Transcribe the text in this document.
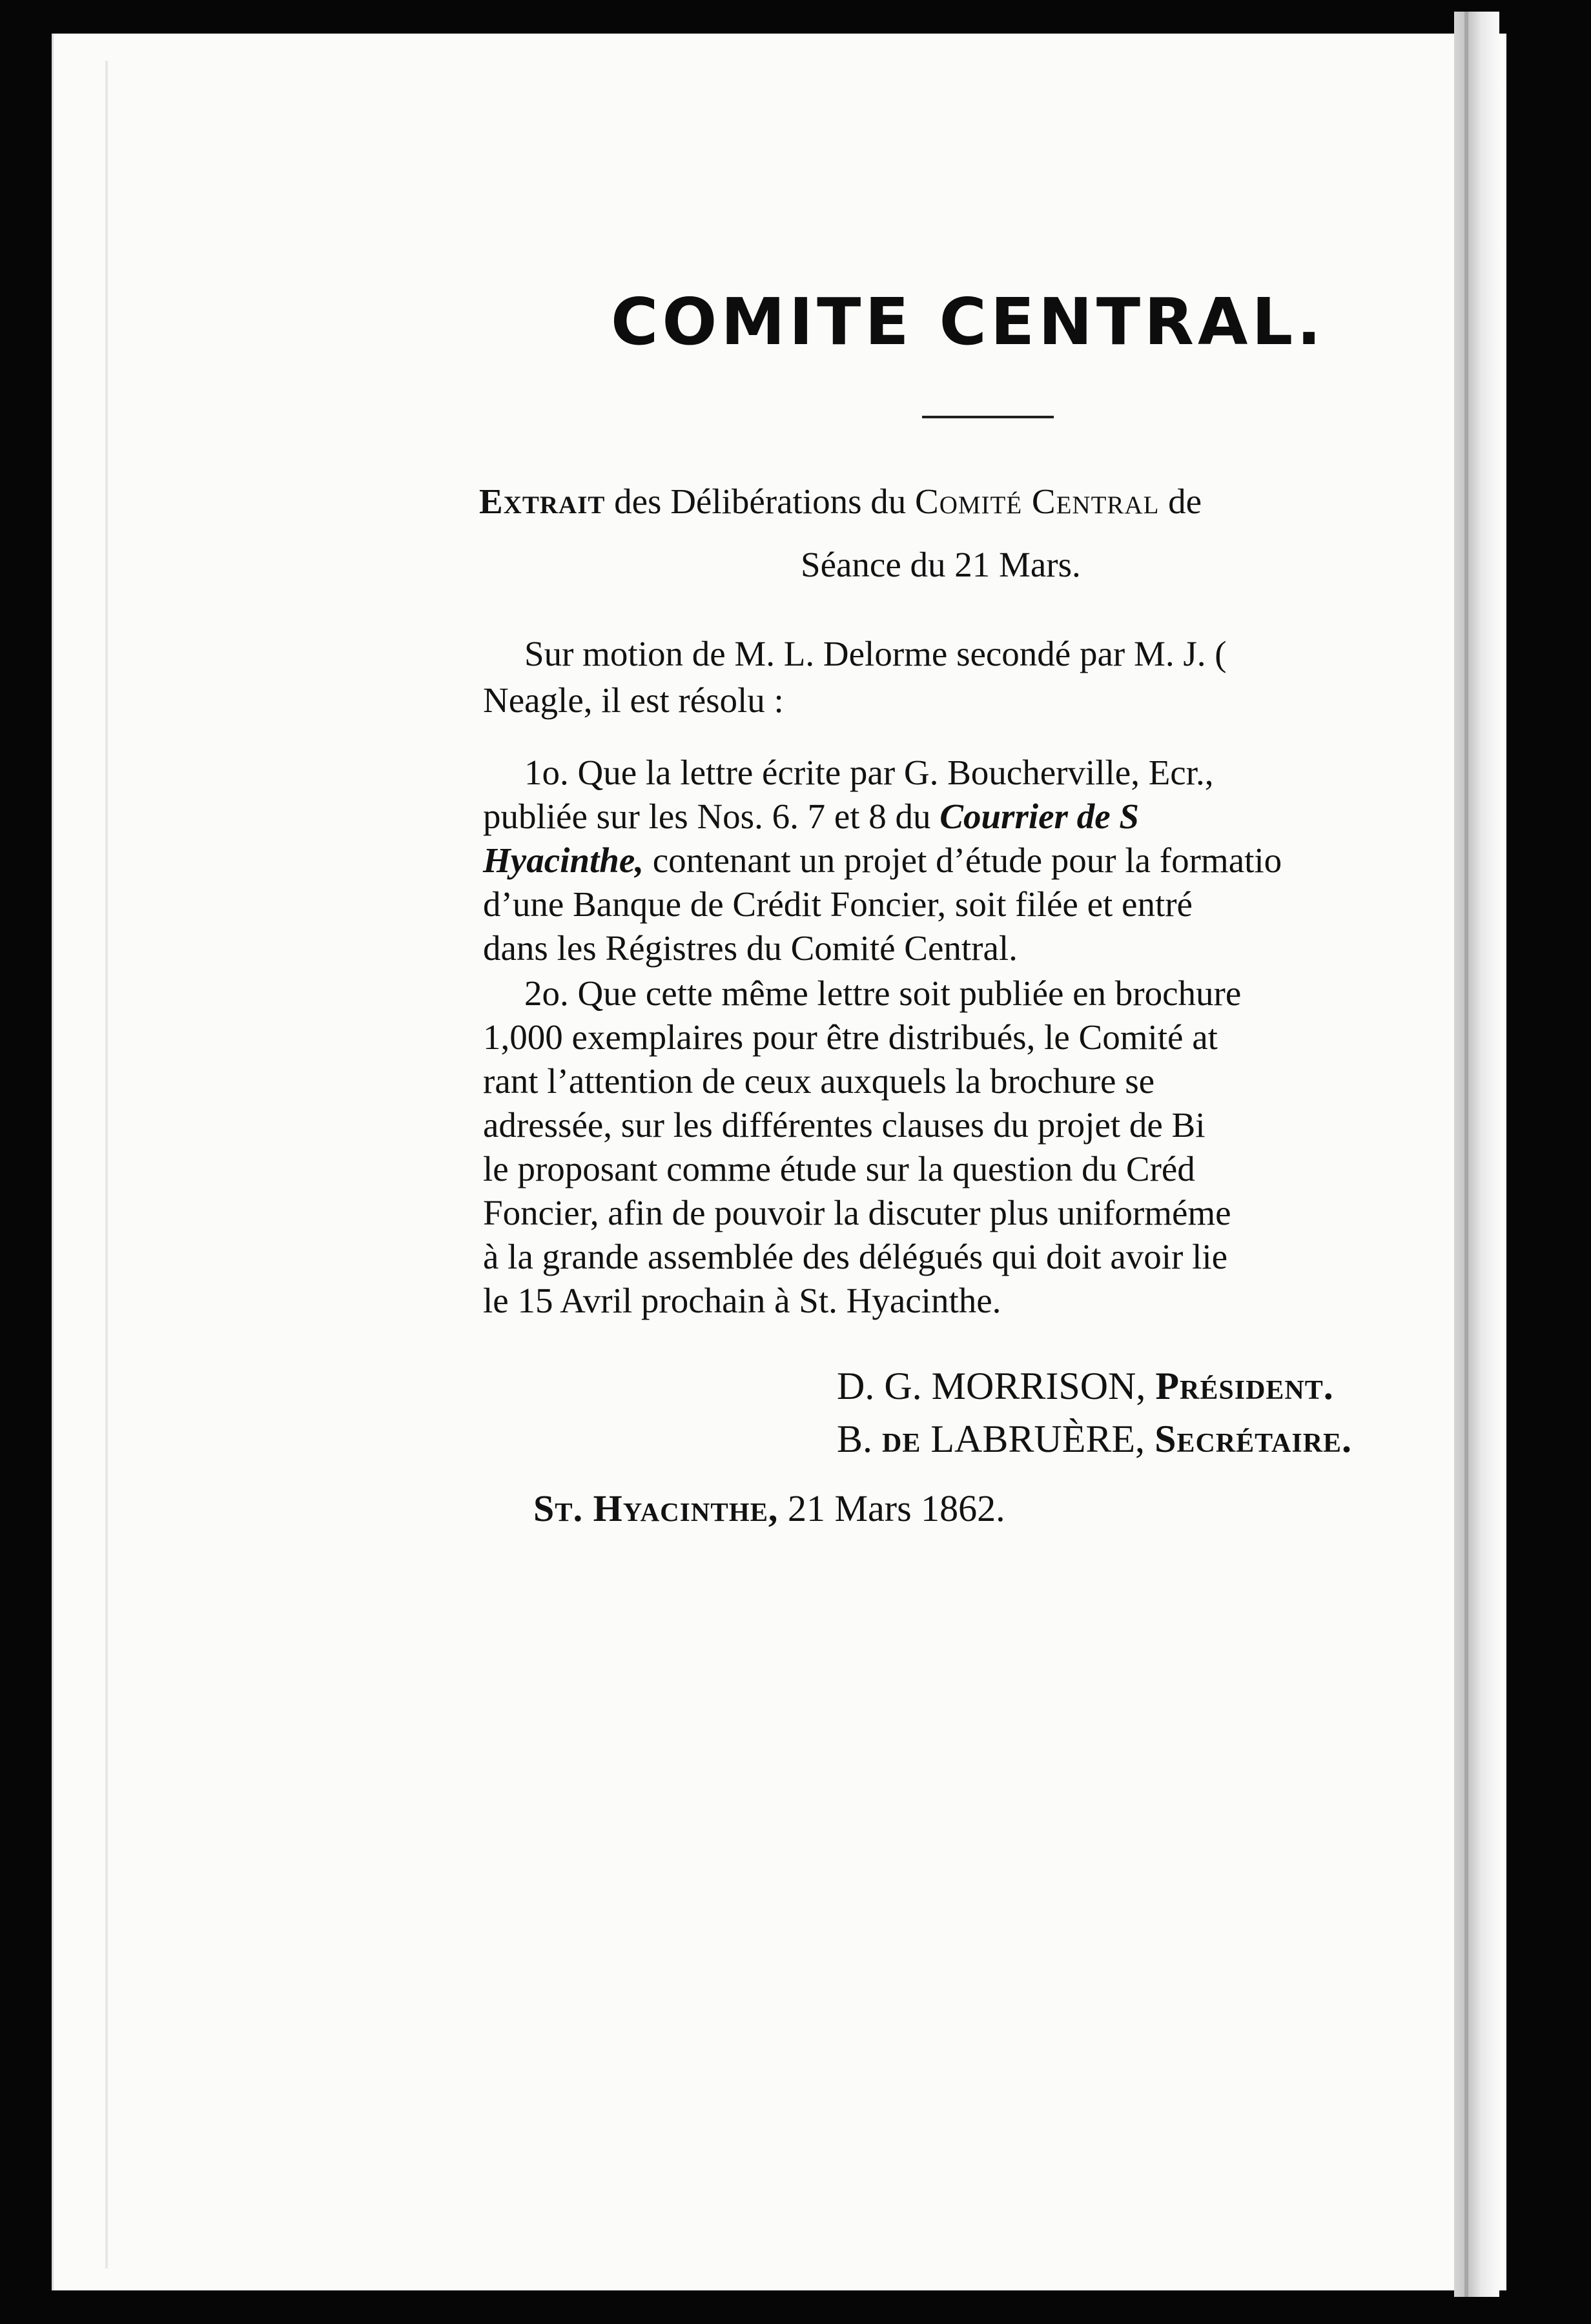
COMITE CENTRAL.
Extrait des Délibérations du Comité Central de
Séance du 21 Mars.
Sur motion de M. L. Delorme secondé par M. J. (
Neagle, il est résolu :
1o. Que la lettre écrite par G. Boucherville, Ecr.,
publiée sur les Nos. 6. 7 et 8 du Courrier de S
Hyacinthe, contenant un projet d’étude pour la formatio
d’une Banque de Crédit Foncier, soit filée et entré
dans les Régistres du Comité Central.
2o. Que cette même lettre soit publiée en brochure
1,000 exemplaires pour être distribués, le Comité at
rant l’attention de ceux auxquels la brochure se
adressée, sur les différentes clauses du projet de Bi
le proposant comme étude sur la question du Créd
Foncier, afin de pouvoir la discuter plus uniforméme
à la grande assemblée des délégués qui doit avoir lie
le 15 Avril prochain à St. Hyacinthe.
D. G. MORRISON, Président.
B. de LABRUÈRE, Secrétaire.
St. Hyacinthe, 21 Mars 1862.
